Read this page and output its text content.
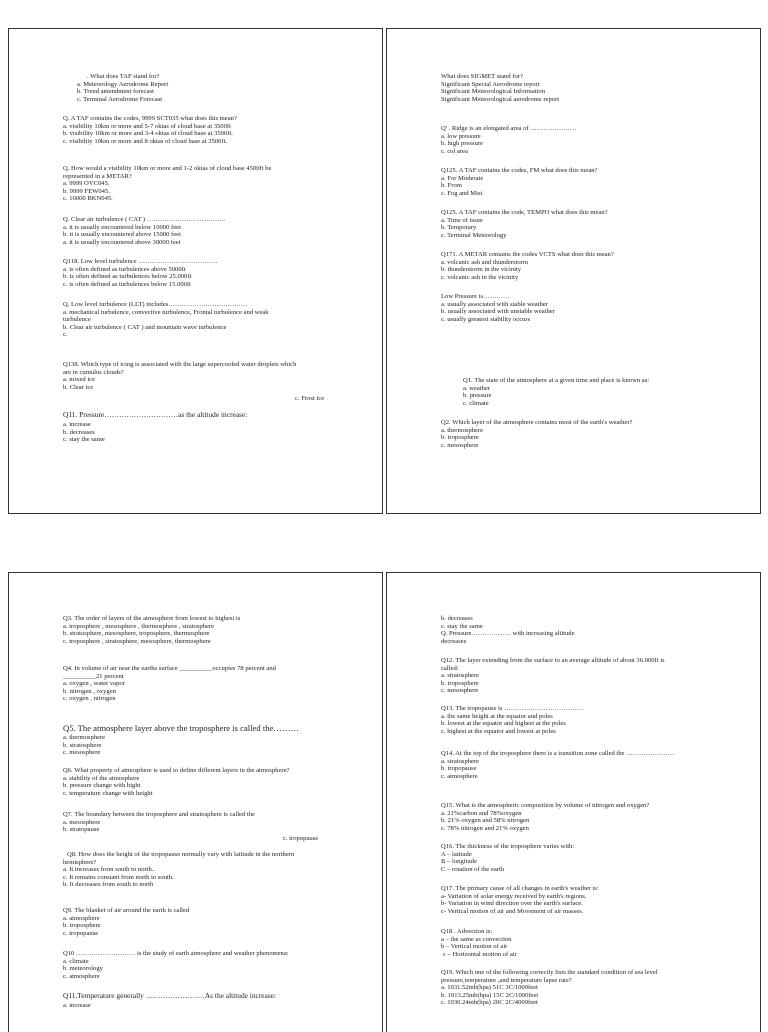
. What does TAF stand for?
a. Meteorology Aerodrome Report
b. Trend amendment forecast
c. Terminal Aerodrome Forecast
Q. A TAF contains the codes, 9999 SCT035 what does this mean?
a. visibility 10km or more and 5-7 oktas of cloud base at 3500ft
b. visibility 10km or more and 3-4 oktas of cloud base at 3500ft.
c. visibility 10km or more and 8 oktas of cloud base at 3500ft.
Q. How would a visibility 10km or more and 1-2 oktas of cloud base 4500ft be
represented in a METAR?
a. 9999 OVC045.
b. 9999 FEW045.
c. 10000 BKN045.
Q. Clear air turbulence ( CAT ) ………………………………
a. it is usually encountered below 10000 feet
b. it is usually encountered above 15000 feet
a. it is usually encountered above 30000 feet
Q118. Low level turbulence ………………………………
a. is often defined as turbulences above 5000ft
b. is often defined as turbulences below 25.000ft
c. is often defined as turbulences below 15.000ft
Q. Low level turbulence (LLT) includes………………………………
a. mechanical turbulence, convective turbulence, Frontal turbulence and weak
turbulence
b. Clear air turbulence ( CAT ) and mountain wave turbulence
c.
Q138. Which type of icing is associated with the large supercooled water droplets which
are in cumulus clouds?
a. mixed ice
b. Clear ice
c. Frost ice
Q11. Pressure…………………………as the altitude increase:
a. increase
b. decreases
c. stay the same
What does SIGMET stand for?
Significant Special Aerodrome report
Significant Meteorological Information
Significant Meteorological aerodrome report
Q' . Ridge is an elongated area of …………………
a. low pressure
b. high pressure
c. col area
Q125. A TAF contains the codes, FM what does this mean?
a. For Moderate
b. From
c. Fog and Mist
Q125. A TAF contains the code, TEMPO what does this mean?
a. Time of issue
b. Temporary
c. Terminal Meteorology
Q171. A METAR contains the codes VCTS what does this mean?
a. volcanic ash and thunderstorm
b. thunderstorm in the vicinity
c. volcanic ash in the vicinity
Low Pressure is…………
a. usually associated with stable weather
b. usually associated with unstable weather
c. usually greatest stability occurs
Q1. The state of the atmosphere at a given time and place is known as:
a. weather
b. pressure
c. climate
Q2. Which layer of the atmosphere contains most of the earth's weather?
a. thermosphere
b. troposphere
c. mesosphere
Q3. The order of layers of the atmosphere from lowest to highest is
a. troposphere , mesosphere , thermosphere , stratosphere
b. stratosphere, mesosphere, troposphere, thermosphere
c. troposphere , stratosphere, mesosphere, thermosphere
Q4. In volume of air near the earths surface __________occupies 78 percent and
__________21 percent
a. oxygen , water vapor
b. nitrogen , oxygen
c. oxygen , nitrogen
Q5. The atmosphere layer above the troposphere is called the………
a. thermosphere
b. stratosphere
c. mesosphere
Q6. What property of atmosphere is used to define different layers in the atmosphere?
a. stability of the atmosphere
b. pressure change with hight
c. temperature change with height
Q7. The boundary between the troposphere and stratosphere is called the
a. mesosphere
b. stratopause
c. tropopause
Q8. How does the height of the tropopause normally vary with latitude in the northern
hemisphere?
a. It increases from south to north..
c. It remains constant from north to south.
b. It decreases from south to north
Q9. The blanket of air around the earth is called
a. atmosphere
b. troposphere
c. tropopause
Q10 ……………………… is the study of earth atmosphere and weather phenomena:
a. climate
b. meteorology
c. atmosphere
Q11.Temperature generally ……………………As the altitude increase:
a. increase
b. decreases
c. stay the same
Q. Pressure……………… with increasing altitude
decreases
Q12. The layer extending from the surface to an average altitude of about 36.000ft is
called:
a. stratosphere
b. troposphere
c. mesosphere
Q13. The tropopause is ………………………………
a. the same height at the equator and poles
b. lowest at the equator and highest at the poles
c. highest at the equator and lowest at poles
Q14. At the top of the troposphere there is a transition zone called the ………………….
a. stratosphere
b. tropopause
c. atmosphere
Q15. What is the atmospheric composition by volume of nitrogen and oxygen?
a. 21%carbon and 78%oxygen
b. 21% oxygen and 58% nitrogen
c. 78% nitrogen and 21% oxygen
Q16. The thickness of the troposphere varies with:
A – latitude
B – longitude
C – rotation of the earth
Q17. The primary cause of all changes in earth's weather is:
a- Variation of solar energy received by earth's regions.
b- Variation in wind direction over the earth's surface.
c- Vertical motion of air and Movement of air masses.
Q18 . Advection is:
a – the same as convection
b – Vertical motion of air
c – Horizontal motion of air
Q19. Which one of the following correctly lists the standard condition of sea level
pressure,temperature ,and temperature lapse rate?
a. 1031.52mb(hpa) 51C 3C/1000feet
b. 1013.25mb(hpa) 15C 2C/1000feet
c. 1030.24mb(hpa) 20C 2C/4000feet
